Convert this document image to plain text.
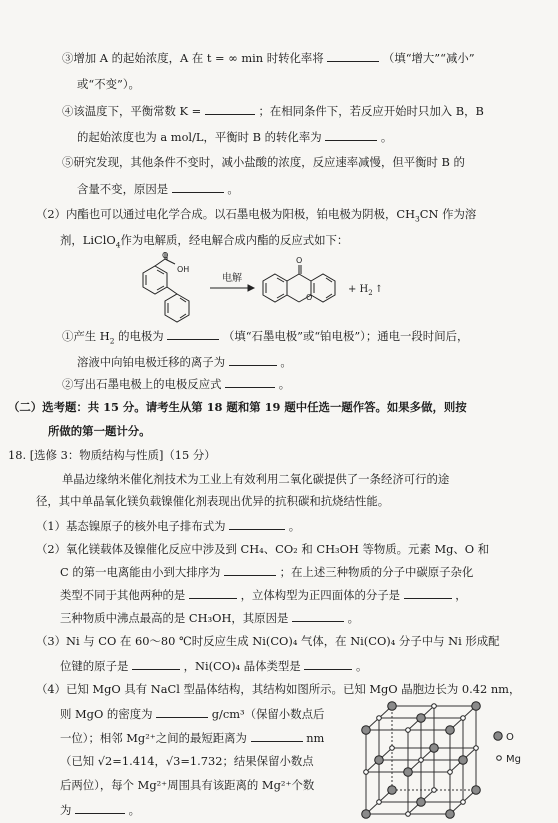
③增加 A 的起始浓度，A 在 t = ∞ min 时转化率将	（填“增大”“减小”
或“不变”）。
④该温度下，平衡常数 K =	；在相同条件下，若反应开始时只加入 B，B
的起始浓度也为 a mol/L，平衡时 B 的转化率为	。
⑤研究发现，其他条件不变时，减小盐酸的浓度，反应速率减慢，但平衡时 B 的
含量不变，原因是	。
（2）内酯也可以通过电化学合成。以石墨电极为阳极，铂电极为阴极，$CH_3CN$ 作为溶
剂，LiClO$_4$作为电解质，经电解合成内酯的反应式如下：
OH
O
电解
O
O
+ $H_2$ ↑
①产生 $H_2$ 的电极为	（填“石墨电极”或“铂电极”）；通电一段时间后，
溶液中向铂电极迁移的离子为	。
②写出石墨电极上的电极反应式	。
（二）选考题：共 15 分。请考生从第 18 题和第 19 题中任选一题作答。如果多做，则按
所做的第一题计分。
18. [选修 3：物质结构与性质]（15 分）
单晶边缘纳米催化剂技术为工业上有效利用二氧化碳提供了一条经济可行的途
径，其中单晶氧化镁负载镍催化剂表现出优异的抗积碳和抗烧结性能。
（1）基态镍原子的核外电子排布式为	。
（2）氧化镁载体及镍催化反应中涉及到 CH₄、CO₂ 和 CH₃OH 等物质。元素 Mg、O 和
C 的第一电离能由小到大排序为	；在上述三种物质的分子中碳原子杂化
类型不同于其他两种的是	，立体构型为正四面体的分子是	，
三种物质中沸点最高的是 CH₃OH，其原因是	。
（3）Ni 与 CO 在 60～80 ℃时反应生成 Ni(CO)₄ 气体，在 Ni(CO)₄ 分子中与 Ni 形成配
位键的原子是	，Ni(CO)₄ 晶体类型是	。
（4）已知 MgO 具有 NaCl 型晶体结构，其结构如图所示。已知 MgO 晶胞边长为 0.42 nm，
则 MgO 的密度为	g/cm³（保留小数点后
一位）；相邻 Mg²⁺之间的最短距离为	nm
（已知 √2=1.414，√3=1.732；结果保留小数点
后两位），每个 Mg²⁺周围具有该距离的 Mg²⁺个数
为	。
O
Mg
